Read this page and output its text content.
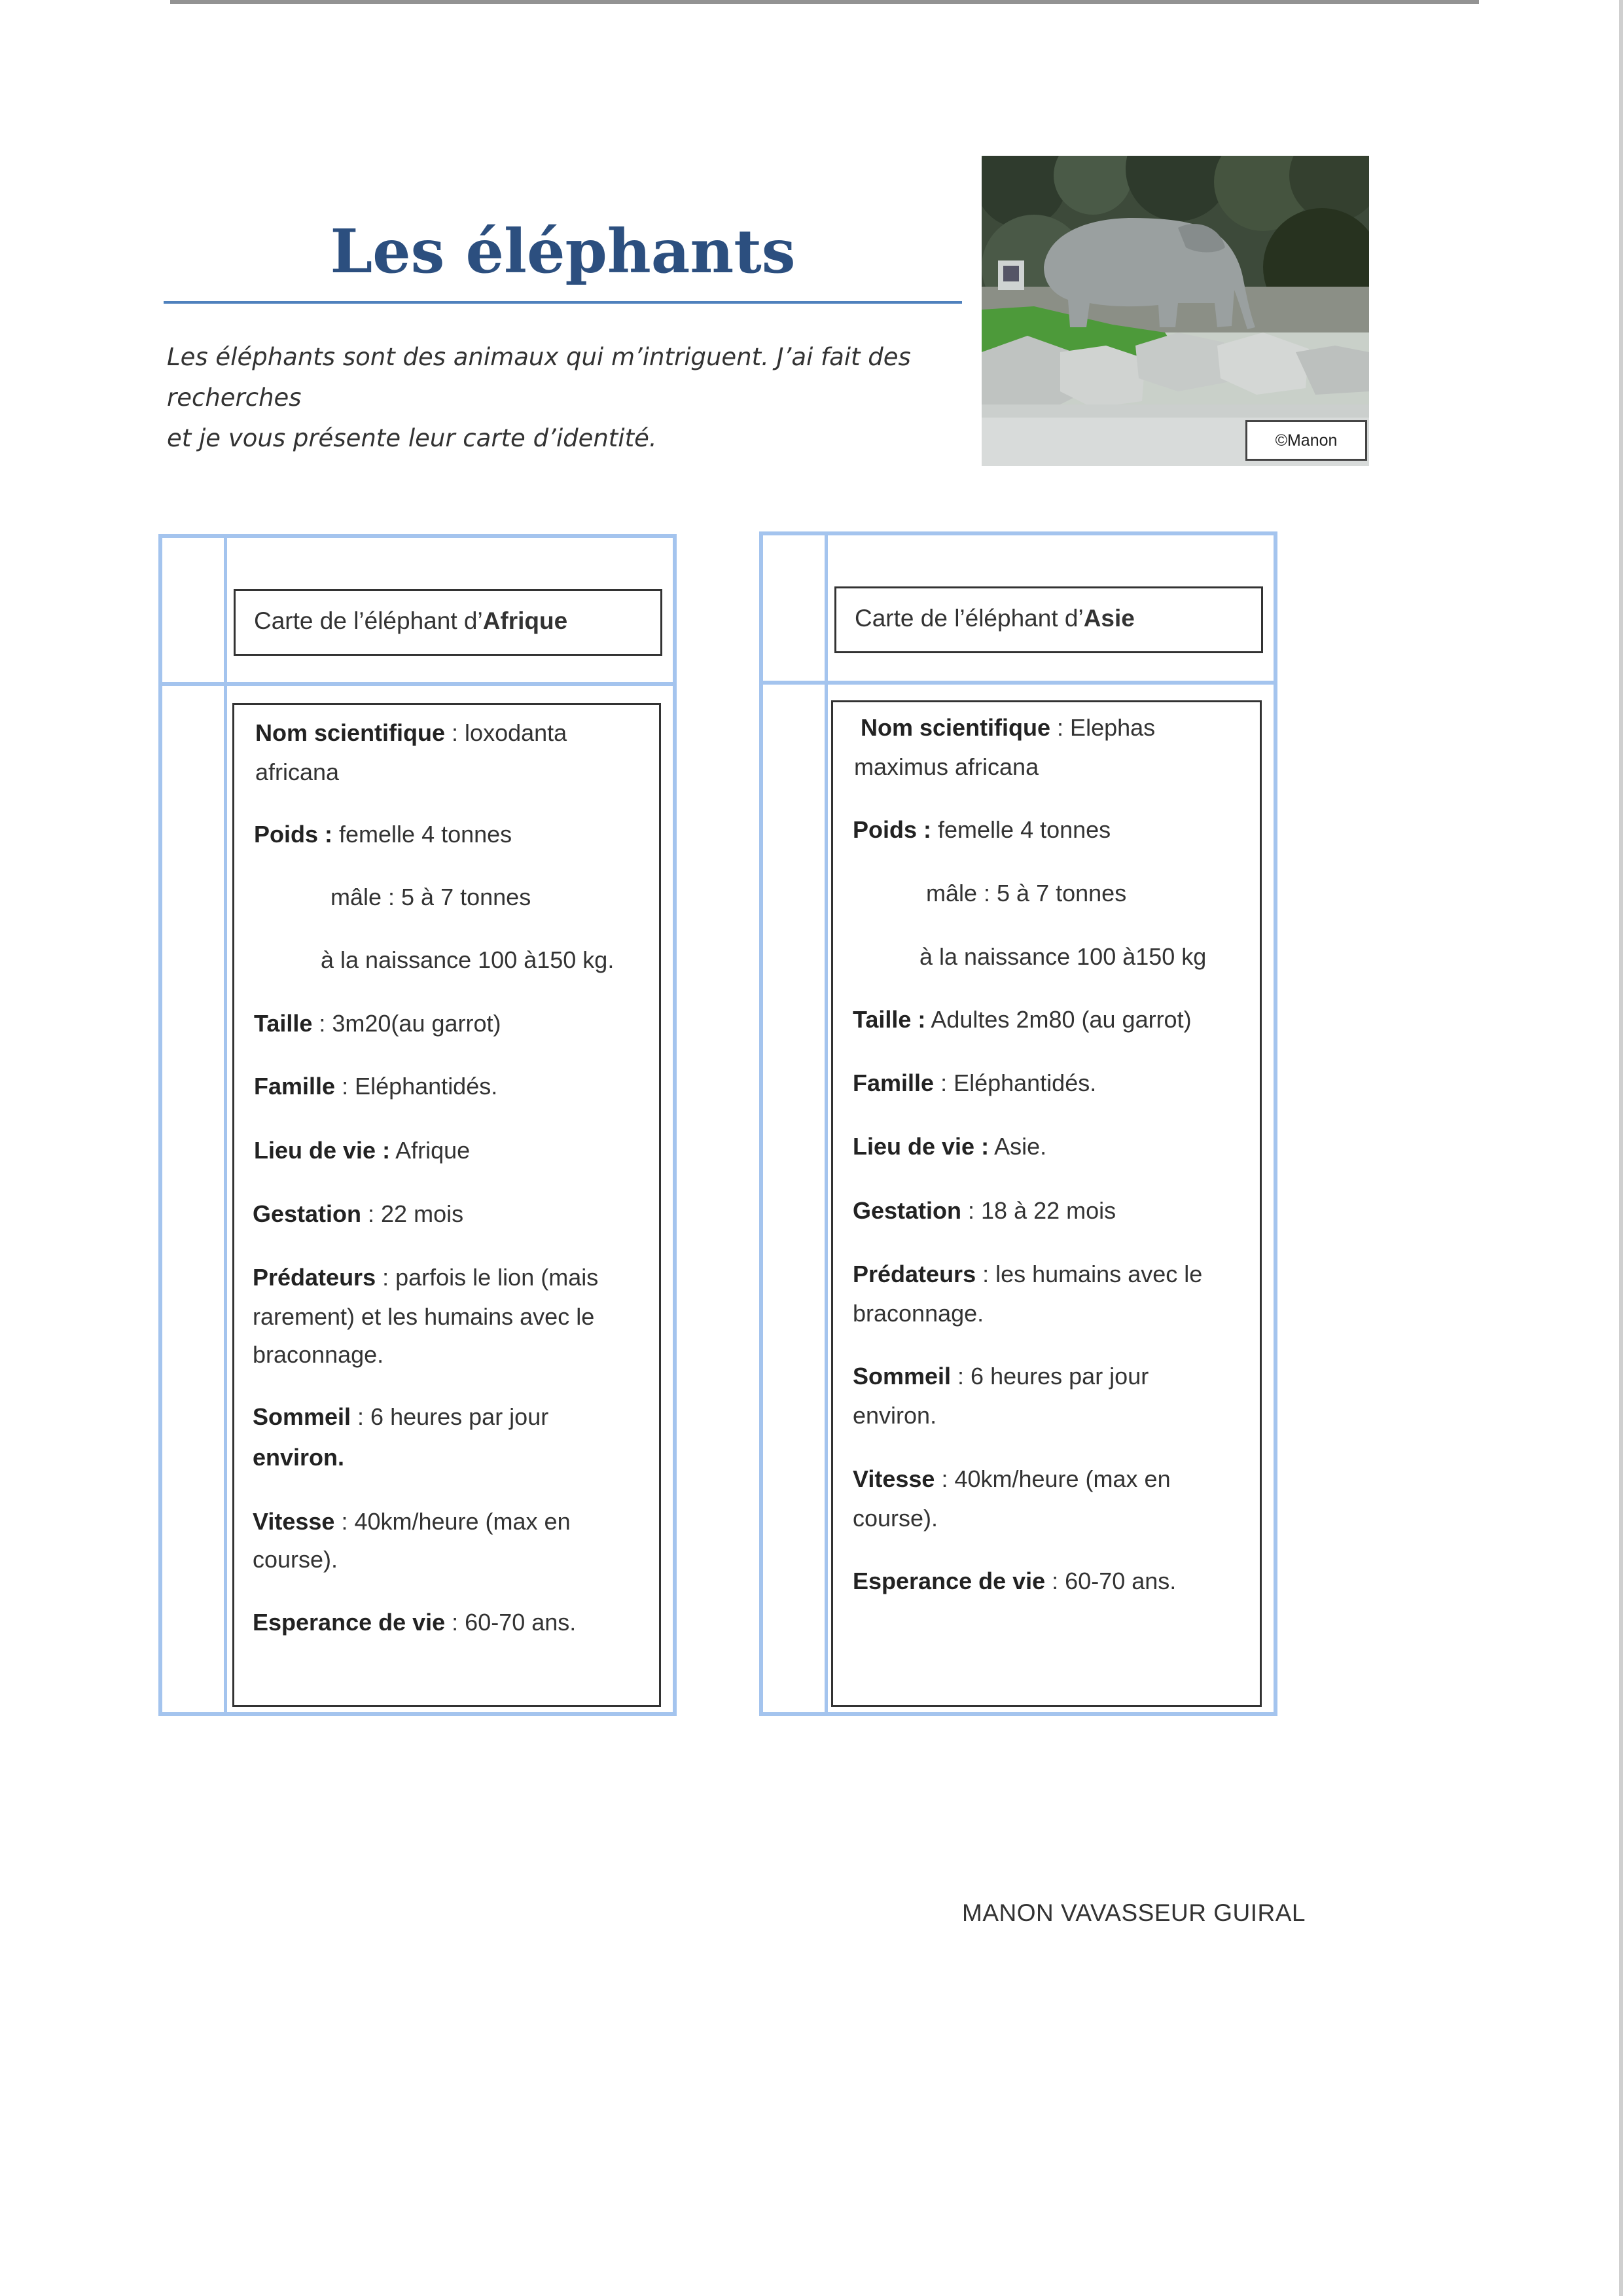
Les éléphants
Les éléphants sont des animaux qui m’intriguent. J’ai fait des recherches
et je vous présente leur carte d’identité.	©Manon
Carte de l’éléphant d’Afrique
Nom scientifique : loxodanta
africana
Poids : femelle 4 tonnes
mâle : 5 à 7 tonnes
à la naissance 100 à150 kg.
Taille : 3m20(au garrot)
Famille : Eléphantidés.
Lieu de vie : Afrique
Gestation : 22 mois
Prédateurs : parfois le lion (mais
rarement) et les humains avec le
braconnage.
Sommeil : 6 heures par jour
environ.
Vitesse : 40km/heure (max en
course).
Esperance de vie : 60-70 ans.
Carte de l’éléphant d’Asie
Nom scientifique : Elephas
maximus africana
Poids : femelle 4 tonnes
mâle : 5 à 7 tonnes
à la naissance 100 à150 kg
Taille : Adultes 2m80 (au garrot)
Famille : Eléphantidés.
Lieu de vie : Asie.
Gestation : 18 à 22 mois
Prédateurs : les humains avec le
braconnage.
Sommeil : 6 heures par jour
environ.
Vitesse : 40km/heure (max en
course).
Esperance de vie : 60-70 ans.
MANON VAVASSEUR GUIRAL
